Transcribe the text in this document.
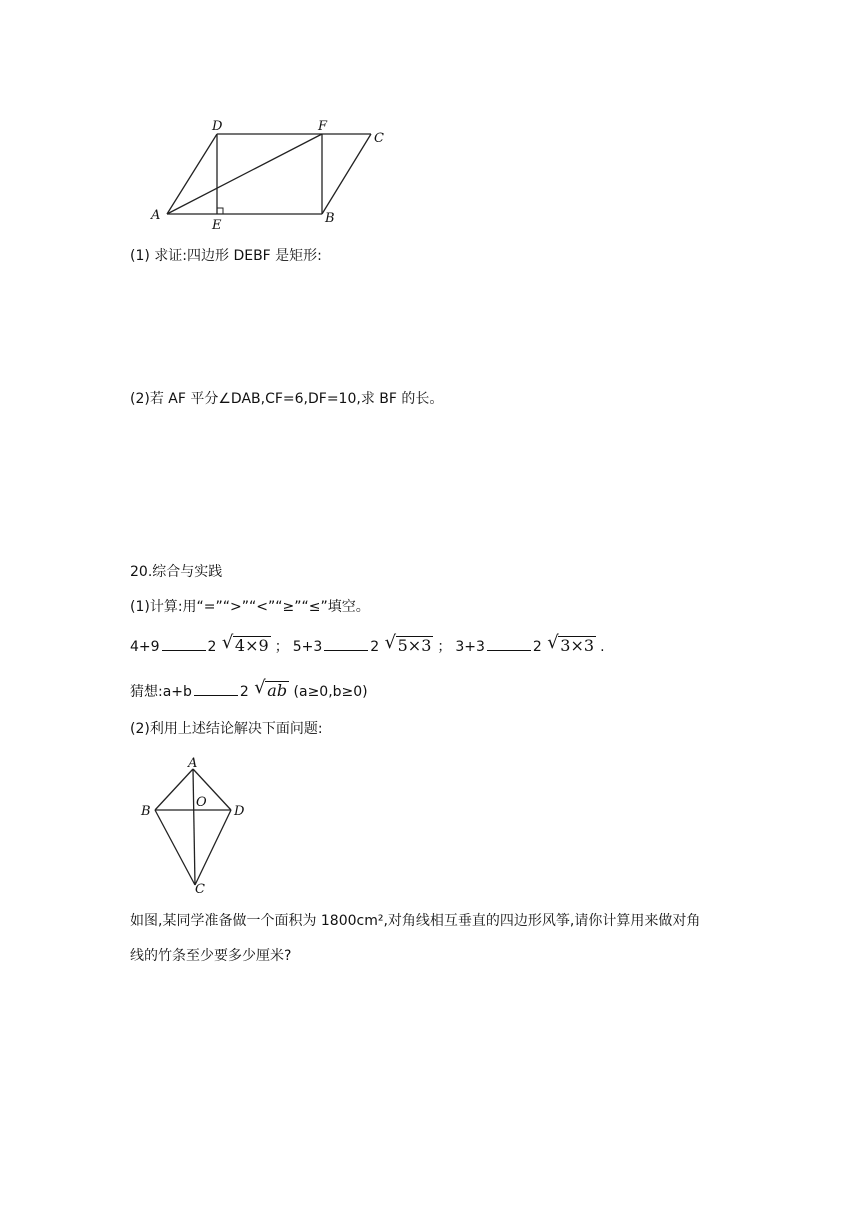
D	F
C
A
E	B
(1) 求证:四边形 DEBF 是矩形:
(2)若 AF 平分∠DAB,CF=6,DF=10,求 BF 的长。
20.综合与实践
(1)计算:用“=”“>”“<”“≥”“≤”填空。
4+9	2 √ 4×9 ； 5+3	2 √ 5×3 ； 3+3	2 √ 3×3 .
猜想:a+b	2 √ ab (a≥0,b≥0)
(2)利用上述结论解决下面问题:
A
B
O
D
C
如图,某同学准备做一个面积为 1800cm²,对角线相互垂直的四边形风筝,请你计算用来做对角
线的竹条至少要多少厘米?
